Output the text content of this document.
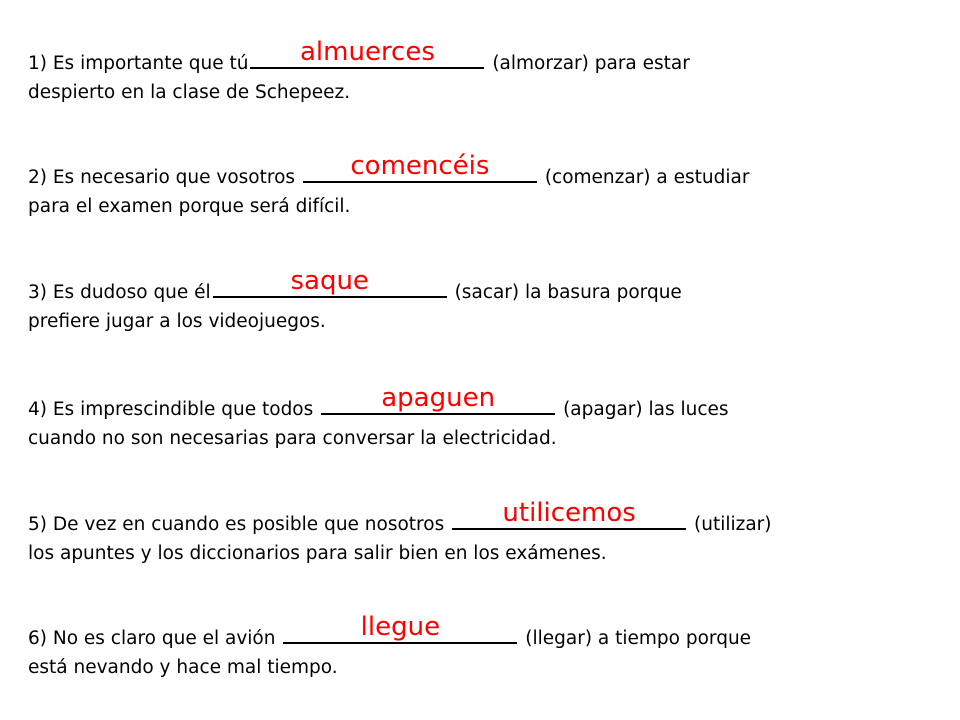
1) Es importante que tú	almuerces	(almorzar) para estar
despierto en la clase de Schepeez.
2) Es necesario que vosotros	comencéis	(comenzar) a estudiar
para el examen porque será difícil.
3) Es dudoso que él	saque	(sacar) la basura porque
prefiere jugar a los videojuegos.
4) Es imprescindible que todos	apaguen	(apagar) las luces
cuando no son necesarias para conversar la electricidad.
5) De vez en cuando es posible que nosotros	utilicemos	(utilizar)
los apuntes y los diccionarios para salir bien en los exámenes.
6) No es claro que el avión	llegue	(llegar) a tiempo porque
está nevando y hace mal tiempo.
